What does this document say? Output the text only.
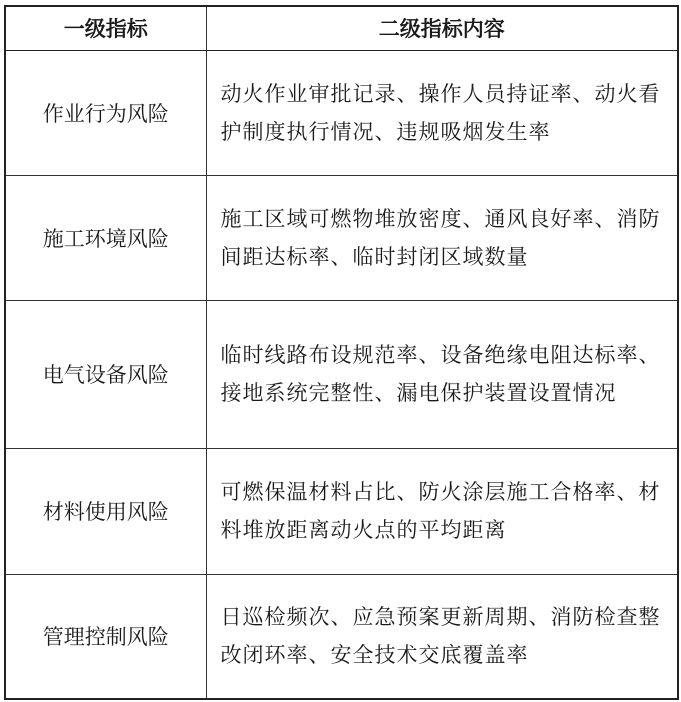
一级指标	二级指标内容
作业行为风险	动火作业审批记录、操作人员持证率、动火看护制度执行情况、违规吸烟发生率
施工环境风险	施工区域可燃物堆放密度、通风良好率、消防间距达标率、临时封闭区域数量
电气设备风险	临时线路布设规范率、设备绝缘电阻达标率、接地系统完整性、漏电保护装置设置情况
材料使用风险	可燃保温材料占比、防火涂层施工合格率、材料堆放距离动火点的平均距离
管理控制风险	日巡检频次、应急预案更新周期、消防检查整改闭环率、安全技术交底覆盖率
